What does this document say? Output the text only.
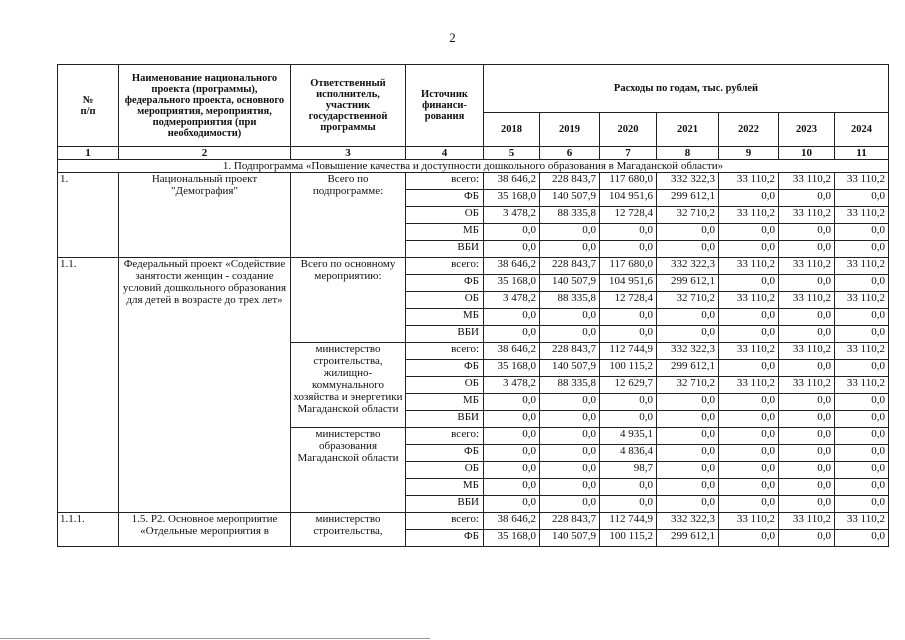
2
№
п/п	Наименование национального проекта (программы), федерального проекта, основного мероприятия, мероприятия, подмероприятия (при необходимости)	Ответственный исполнитель, участник государственной программы	Источник финанси-рования	Расходы по годам, тыс. рублей						
				2018	2019	2020	2021	2022	2023	2024
1	2	3	4	5	6	7	8	9	10	11
1. Подпрограмма «Повышение качества и доступности дошкольного образования в Магаданской области»										
1.	Национальный проект "Демография"	Всего по подпрограмме:	всего:	38 646,2	228 843,7	117 680,0	332 322,3	33 110,2	33 110,2	33 110,2
			ФБ	35 168,0	140 507,9	104 951,6	299 612,1	0,0	0,0	0,0
			ОБ	3 478,2	88 335,8	12 728,4	32 710,2	33 110,2	33 110,2	33 110,2
			МБ	0,0	0,0	0,0	0,0	0,0	0,0	0,0
			ВБИ	0,0	0,0	0,0	0,0	0,0	0,0	0,0
1.1.	Федеральный проект «Содействие занятости женщин - создание условий дошкольного образования для детей в возрасте до трех лет»	Всего по основному мероприятию:	всего:	38 646,2	228 843,7	117 680,0	332 322,3	33 110,2	33 110,2	33 110,2
			ФБ	35 168,0	140 507,9	104 951,6	299 612,1	0,0	0,0	0,0
			ОБ	3 478,2	88 335,8	12 728,4	32 710,2	33 110,2	33 110,2	33 110,2
			МБ	0,0	0,0	0,0	0,0	0,0	0,0	0,0
			ВБИ	0,0	0,0	0,0	0,0	0,0	0,0	0,0
		министерство строительства, жилищно-коммунального хозяйства и энергетики Магаданской области	всего:	38 646,2	228 843,7	112 744,9	332 322,3	33 110,2	33 110,2	33 110,2
			ФБ	35 168,0	140 507,9	100 115,2	299 612,1	0,0	0,0	0,0
			ОБ	3 478,2	88 335,8	12 629,7	32 710,2	33 110,2	33 110,2	33 110,2
			МБ	0,0	0,0	0,0	0,0	0,0	0,0	0,0
			ВБИ	0,0	0,0	0,0	0,0	0,0	0,0	0,0
		министерство образования Магаданской области	всего:	0,0	0,0	4 935,1	0,0	0,0	0,0	0,0
			ФБ	0,0	0,0	4 836,4	0,0	0,0	0,0	0,0
			ОБ	0,0	0,0	98,7	0,0	0,0	0,0	0,0
			МБ	0,0	0,0	0,0	0,0	0,0	0,0	0,0
			ВБИ	0,0	0,0	0,0	0,0	0,0	0,0	0,0
1.1.1.	1.5. Р2. Основное мероприятие «Отдельные мероприятия в	министерство строительства,	всего:	38 646,2	228 843,7	112 744,9	332 322,3	33 110,2	33 110,2	33 110,2
			ФБ	35 168,0	140 507,9	100 115,2	299 612,1	0,0	0,0	0,0
